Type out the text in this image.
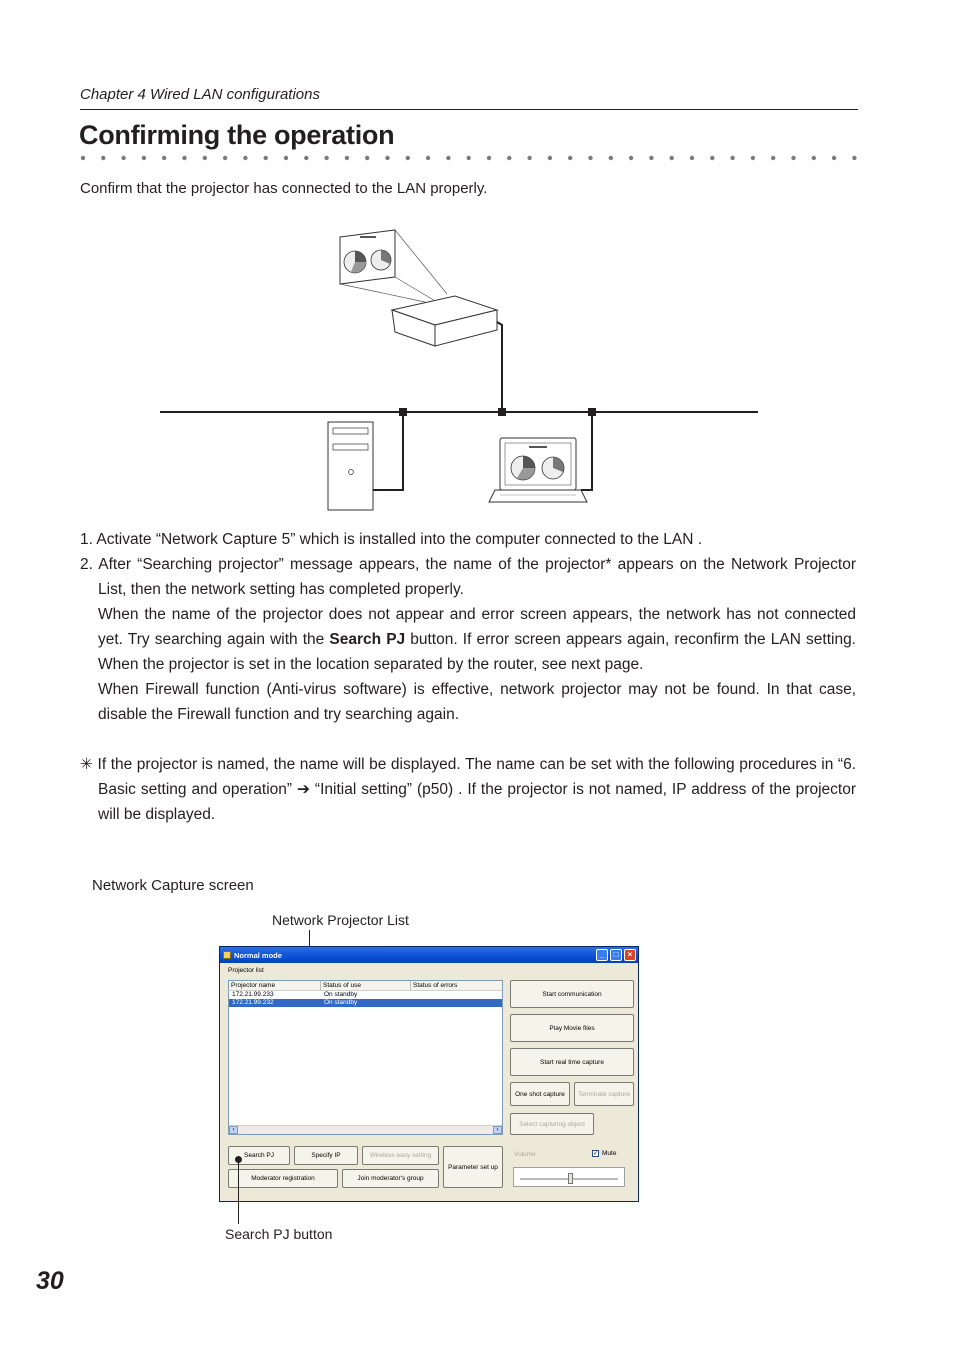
Chapter 4 Wired LAN configurations
Confirming the operation

Confirm that the projector has connected to the LAN properly.

1. Activate “Network Capture 5” which is installed into the computer connected to the LAN .

2. After “Searching projector” message appears, the name of the projector* appears on the Network Projector List, then the network setting has completed properly.

When the name of the projector does not appear and error screen appears, the network has not connected yet. Try searching again with the Search PJ button. If error screen appears again, reconfirm the LAN setting. When the projector is set in the location separated by the router, see next page.

When Firewall function (Anti-virus software) is effective, network projector may not be found. In that case, disable the Firewall function and try searching again.

✳ If the projector is named, the name will be displayed. The name can be set with the following procedures in “6. Basic setting and operation” ➔ “Initial setting” (p50) . If the projector is not named, IP address of the projector will be displayed.

Network Capture screen
Network Projector List
Normal mode	_	□	×
Projector list
Projector name	Status of use	Status of errors
172.21.99.233	On standby
172.21.99.232	On standby
‹	›
Start communication
Play Movie files
Start real time capture
One shot capture	Terminate capture
Select capturing object
Search PJ	Specify IP	Wireless easy setting
Parameter set up
Moderator registration	Join moderator's group
Volume	✓ Mute
Search PJ button
30
